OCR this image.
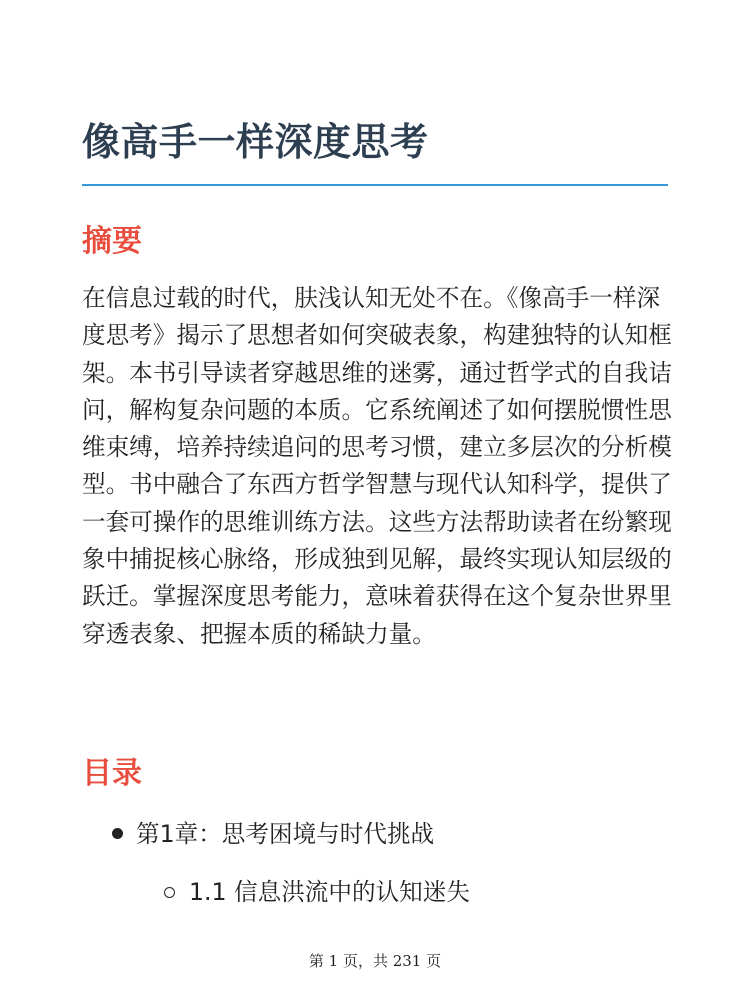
像高手一样深度思考
摘要

在信息过载的时代，肤浅认知无处不在。《像高手一样深度思考》揭示了思想者如何突破表象，构建独特的认知框架。本书引导读者穿越思维的迷雾，通过哲学式的自我诘问，解构复杂问题的本质。它系统阐述了如何摆脱惯性思维束缚，培养持续追问的思考习惯，建立多层次的分析模型。书中融合了东西方哲学智慧与现代认知科学，提供了一套可操作的思维训练方法。这些方法帮助读者在纷繁现象中捕捉核心脉络，形成独到见解，最终实现认知层级的跃迁。掌握深度思考能力，意味着获得在这个复杂世界里穿透表象、把握本质的稀缺力量。

目录
第1章：思考困境与时代挑战
1.1 信息洪流中的认知迷失
第 1 页，共 231 页
